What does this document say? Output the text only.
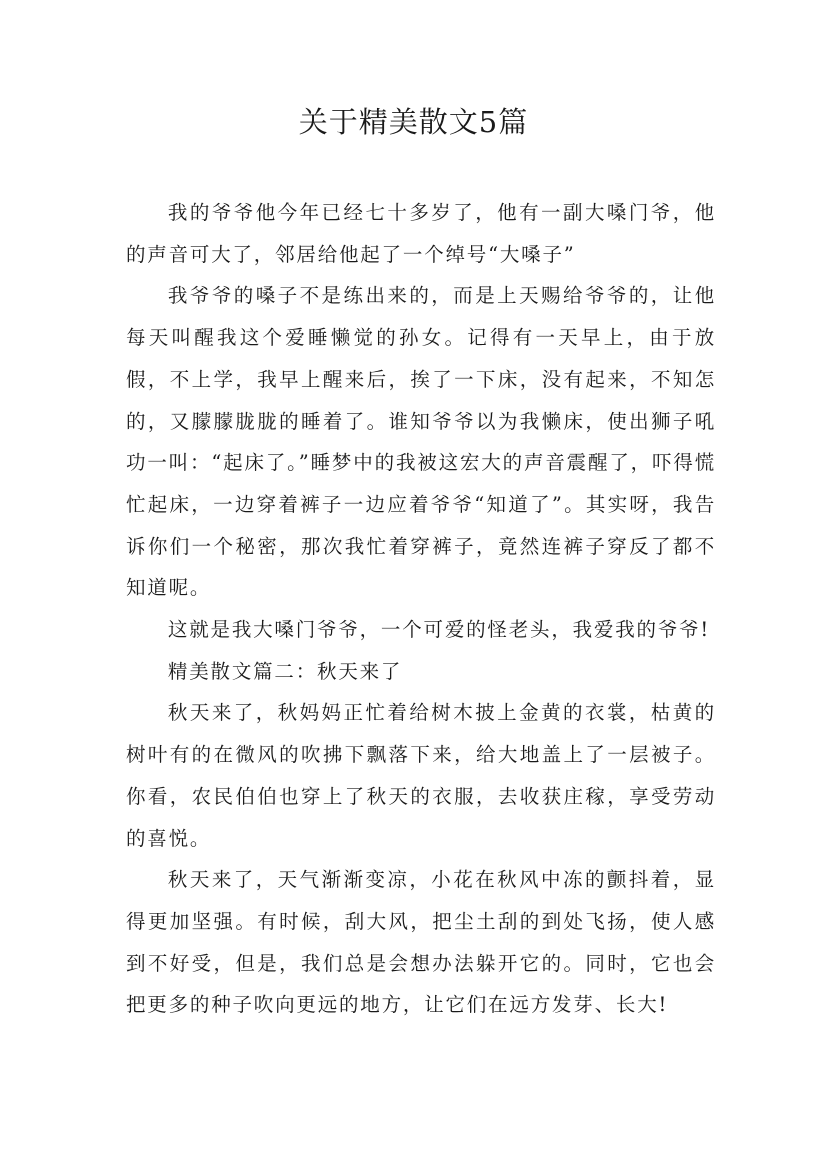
关于精美散文5篇

我的爷爷他今年已经七十多岁了，他有一副大嗓门爷，他的声音可大了，邻居给他起了一个绰号“大嗓子”

我爷爷的嗓子不是练出来的，而是上天赐给爷爷的，让他每天叫醒我这个爱睡懒觉的孙女。记得有一天早上，由于放假，不上学，我早上醒来后，挨了一下床，没有起来，不知怎的，又朦朦胧胧的睡着了。谁知爷爷以为我懒床，使出狮子吼功一叫：“起床了。”睡梦中的我被这宏大的声音震醒了，吓得慌忙起床，一边穿着裤子一边应着爷爷“知道了”。其实呀，我告诉你们一个秘密，那次我忙着穿裤子，竟然连裤子穿反了都不知道呢。

这就是我大嗓门爷爷，一个可爱的怪老头，我爱我的爷爷!

精美散文篇二：秋天来了

秋天来了，秋妈妈正忙着给树木披上金黄的衣裳，枯黄的树叶有的在微风的吹拂下飘落下来，给大地盖上了一层被子。你看，农民伯伯也穿上了秋天的衣服，去收获庄稼，享受劳动的喜悦。

秋天来了，天气渐渐变凉，小花在秋风中冻的颤抖着，显得更加坚强。有时候，刮大风，把尘土刮的到处飞扬，使人感到不好受，但是，我们总是会想办法躲开它的。同时，它也会把更多的种子吹向更远的地方，让它们在远方发芽、长大!
